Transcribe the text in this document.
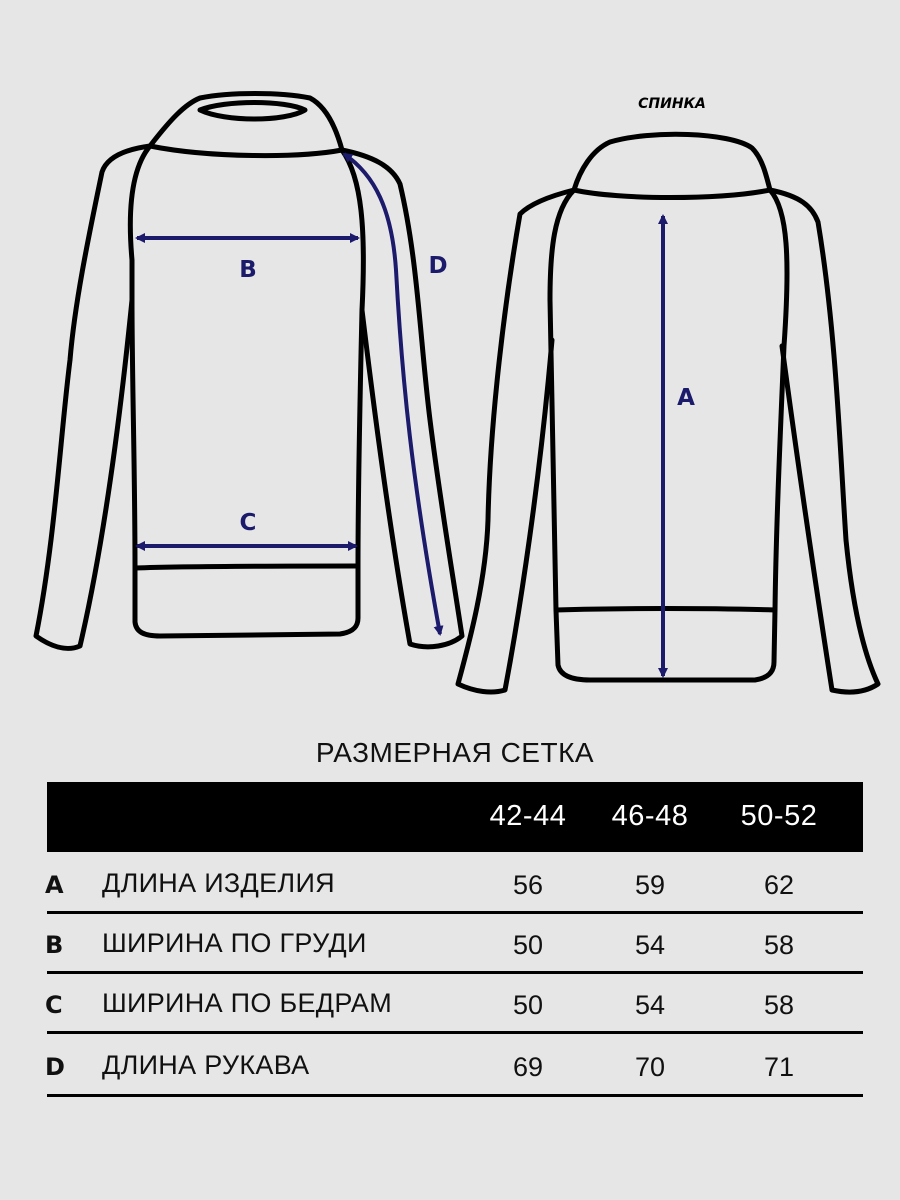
B
C
D
A
СПИНКА
РАЗМЕРНАЯ СЕТКА
42-44	46-48	50-52
A ДЛИНА ИЗДЕЛИЯ	56	59	62
B ШИРИНА ПО ГРУДИ	50	54	58
C ШИРИНА ПО БЕДРАМ	50	54	58
D ДЛИНА РУКАВА	69	70	71
